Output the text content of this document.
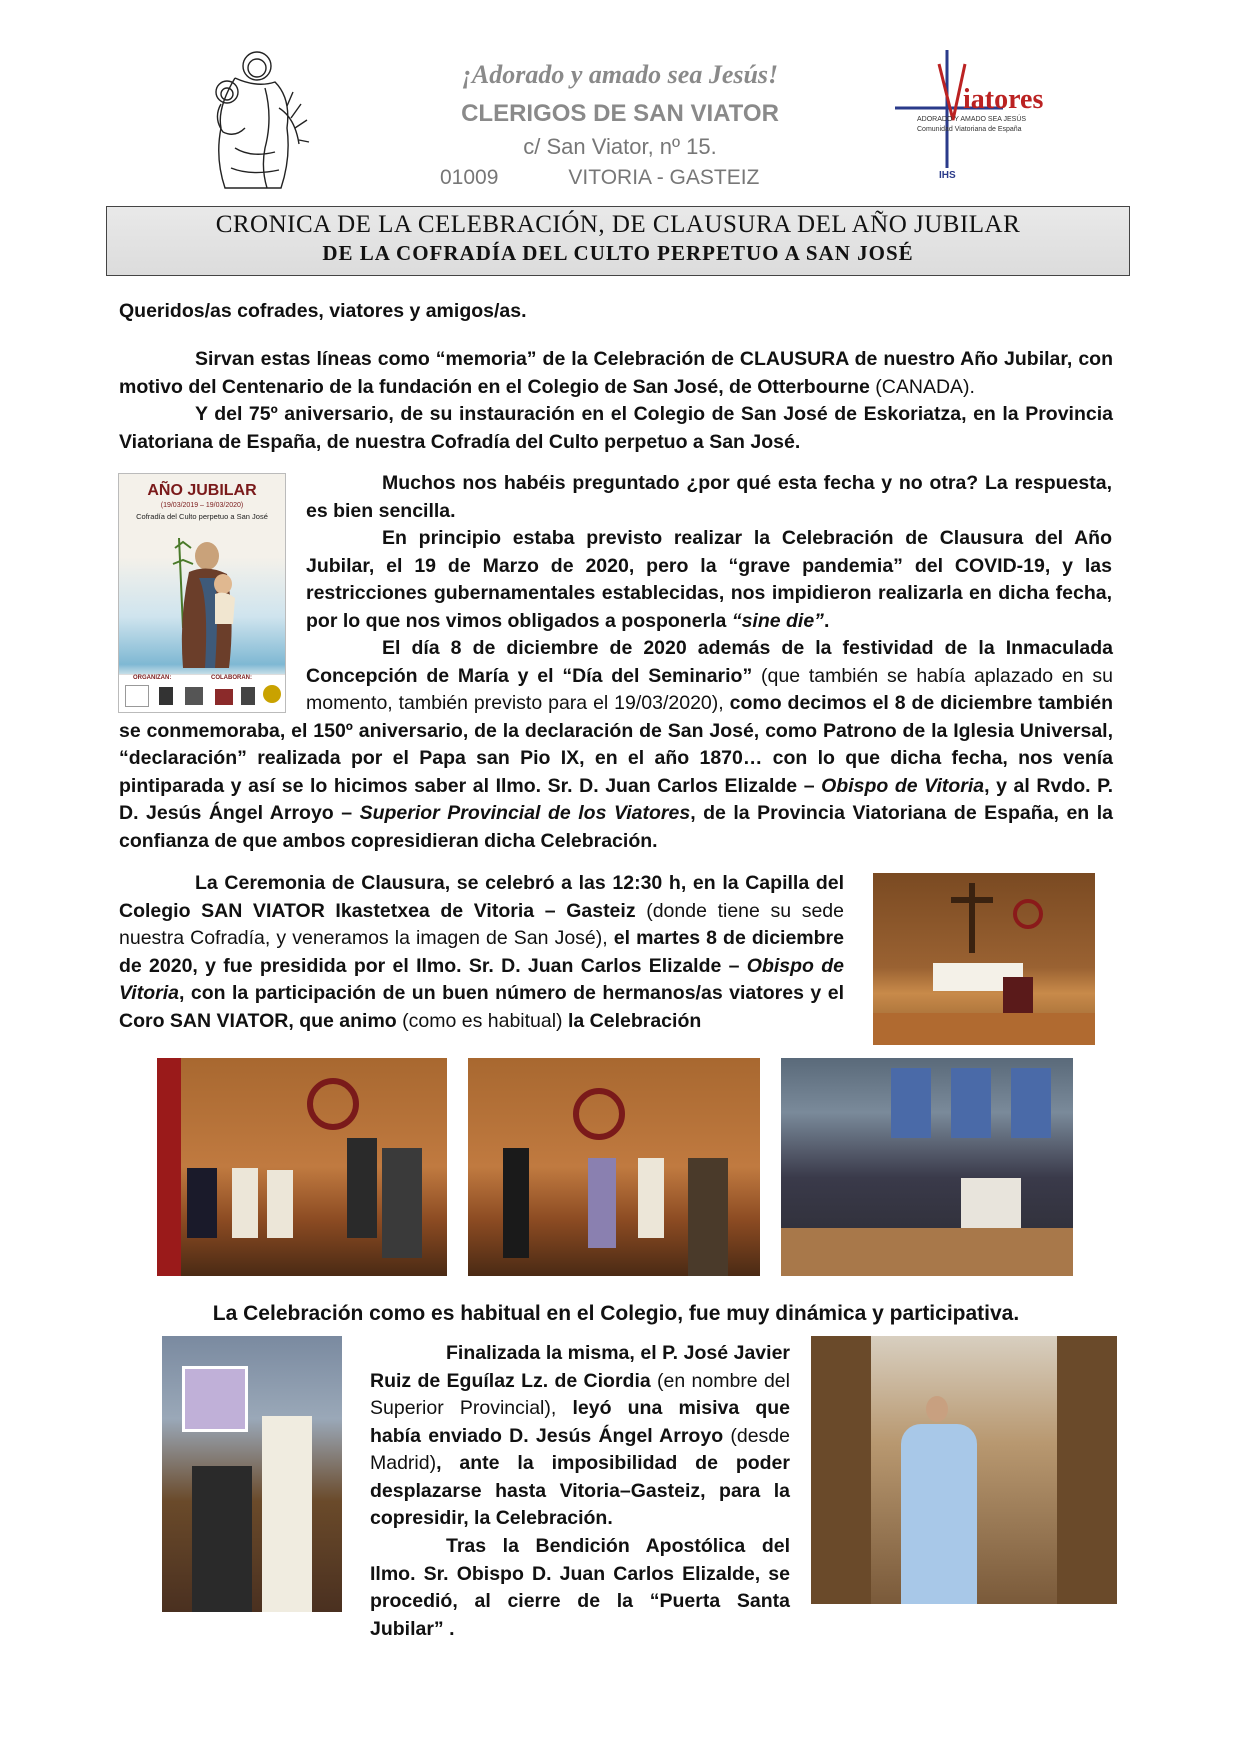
¡Adorado y amado sea Jesús!
CLERIGOS DE SAN VIATOR
c/ San Viator, nº 15.
01009	VITORIA - GASTEIZ
iatores
ADORADO Y AMADO SEA JESÚS
Comunidad Viatoriana de España
IHS
CRONICA DE LA CELEBRACIÓN, DE CLAUSURA DEL AÑO JUBILAR
DE LA COFRADÍA DEL CULTO PERPETUO A SAN JOSÉ
Queridos/as cofrades, viatores y amigos/as.
Sirvan estas líneas como “memoria” de la Celebración de CLAUSURA de nuestro Año Jubilar, con motivo del Centenario de la fundación en el Colegio de San José, de Otterbourne (CANADA).
Y del 75º aniversario, de su instauración en el Colegio de San José de Eskoriatza, en la Provincia Viatoriana de España, de nuestra Cofradía del Culto perpetuo a San José.
AÑO JUBILAR
(19/03/2019 – 19/03/2020)
Cofradía del Culto perpetuo a San José
ORGANIZAN:	COLABORAN:
Muchos nos habéis preguntado ¿por qué esta fecha y no otra? La respuesta, es bien sencilla.
En principio estaba previsto realizar la Celebración de Clausura del Año Jubilar, el 19 de Marzo de 2020, pero la “grave pandemia” del COVID-19, y las restricciones gubernamentales establecidas, nos impidieron realizarla en dicha fecha, por lo que nos vimos obligados a posponerla “sine die”.
El día 8 de diciembre de 2020 además de la festividad de la Inmaculada Concepción de María y el “Día del Seminario” (que también se había aplazado en su momento, también previsto para el 19/03/2020), como decimos el 8 de diciembre también se conmemoraba, el 150º aniversario, de la declaración de San José, como Patrono de la Iglesia Universal, “declaración” realizada por el Papa san Pio IX, en el año 1870… con lo que dicha fecha, nos venía pintiparada y así se lo hicimos saber al Ilmo. Sr. D. Juan Carlos Elizalde – Obispo de Vitoria, y al Rvdo. P. D. Jesús Ángel Arroyo – Superior Provincial de los Viatores, de la Provincia Viatoriana de España, en la confianza de que ambos copresidieran dicha Celebración.
La Ceremonia de Clausura, se celebró a las 12:30 h, en la Capilla del Colegio SAN VIATOR Ikastetxea de Vitoria – Gasteiz (donde tiene su sede nuestra Cofradía, y veneramos la imagen de San José), el martes 8 de diciembre de 2020, y fue presidida por el Ilmo. Sr. D. Juan Carlos Elizalde – Obispo de Vitoria, con la participación de un buen número de hermanos/as viatores y el Coro SAN VIATOR, que animo (como es habitual) la Celebración
La Celebración como es habitual en el Colegio, fue muy dinámica y participativa.
Finalizada la misma, el P. José Javier Ruiz de Eguílaz Lz. de Ciordia (en nombre del Superior Provincial), leyó una misiva que había enviado D. Jesús Ángel Arroyo (desde Madrid), ante la imposibilidad de poder desplazarse hasta Vitoria–Gasteiz, para la copresidir, la Celebración.
Tras la Bendición Apostólica del Ilmo. Sr. Obispo D. Juan Carlos Elizalde, se procedió, al cierre de la “Puerta Santa Jubilar” .
